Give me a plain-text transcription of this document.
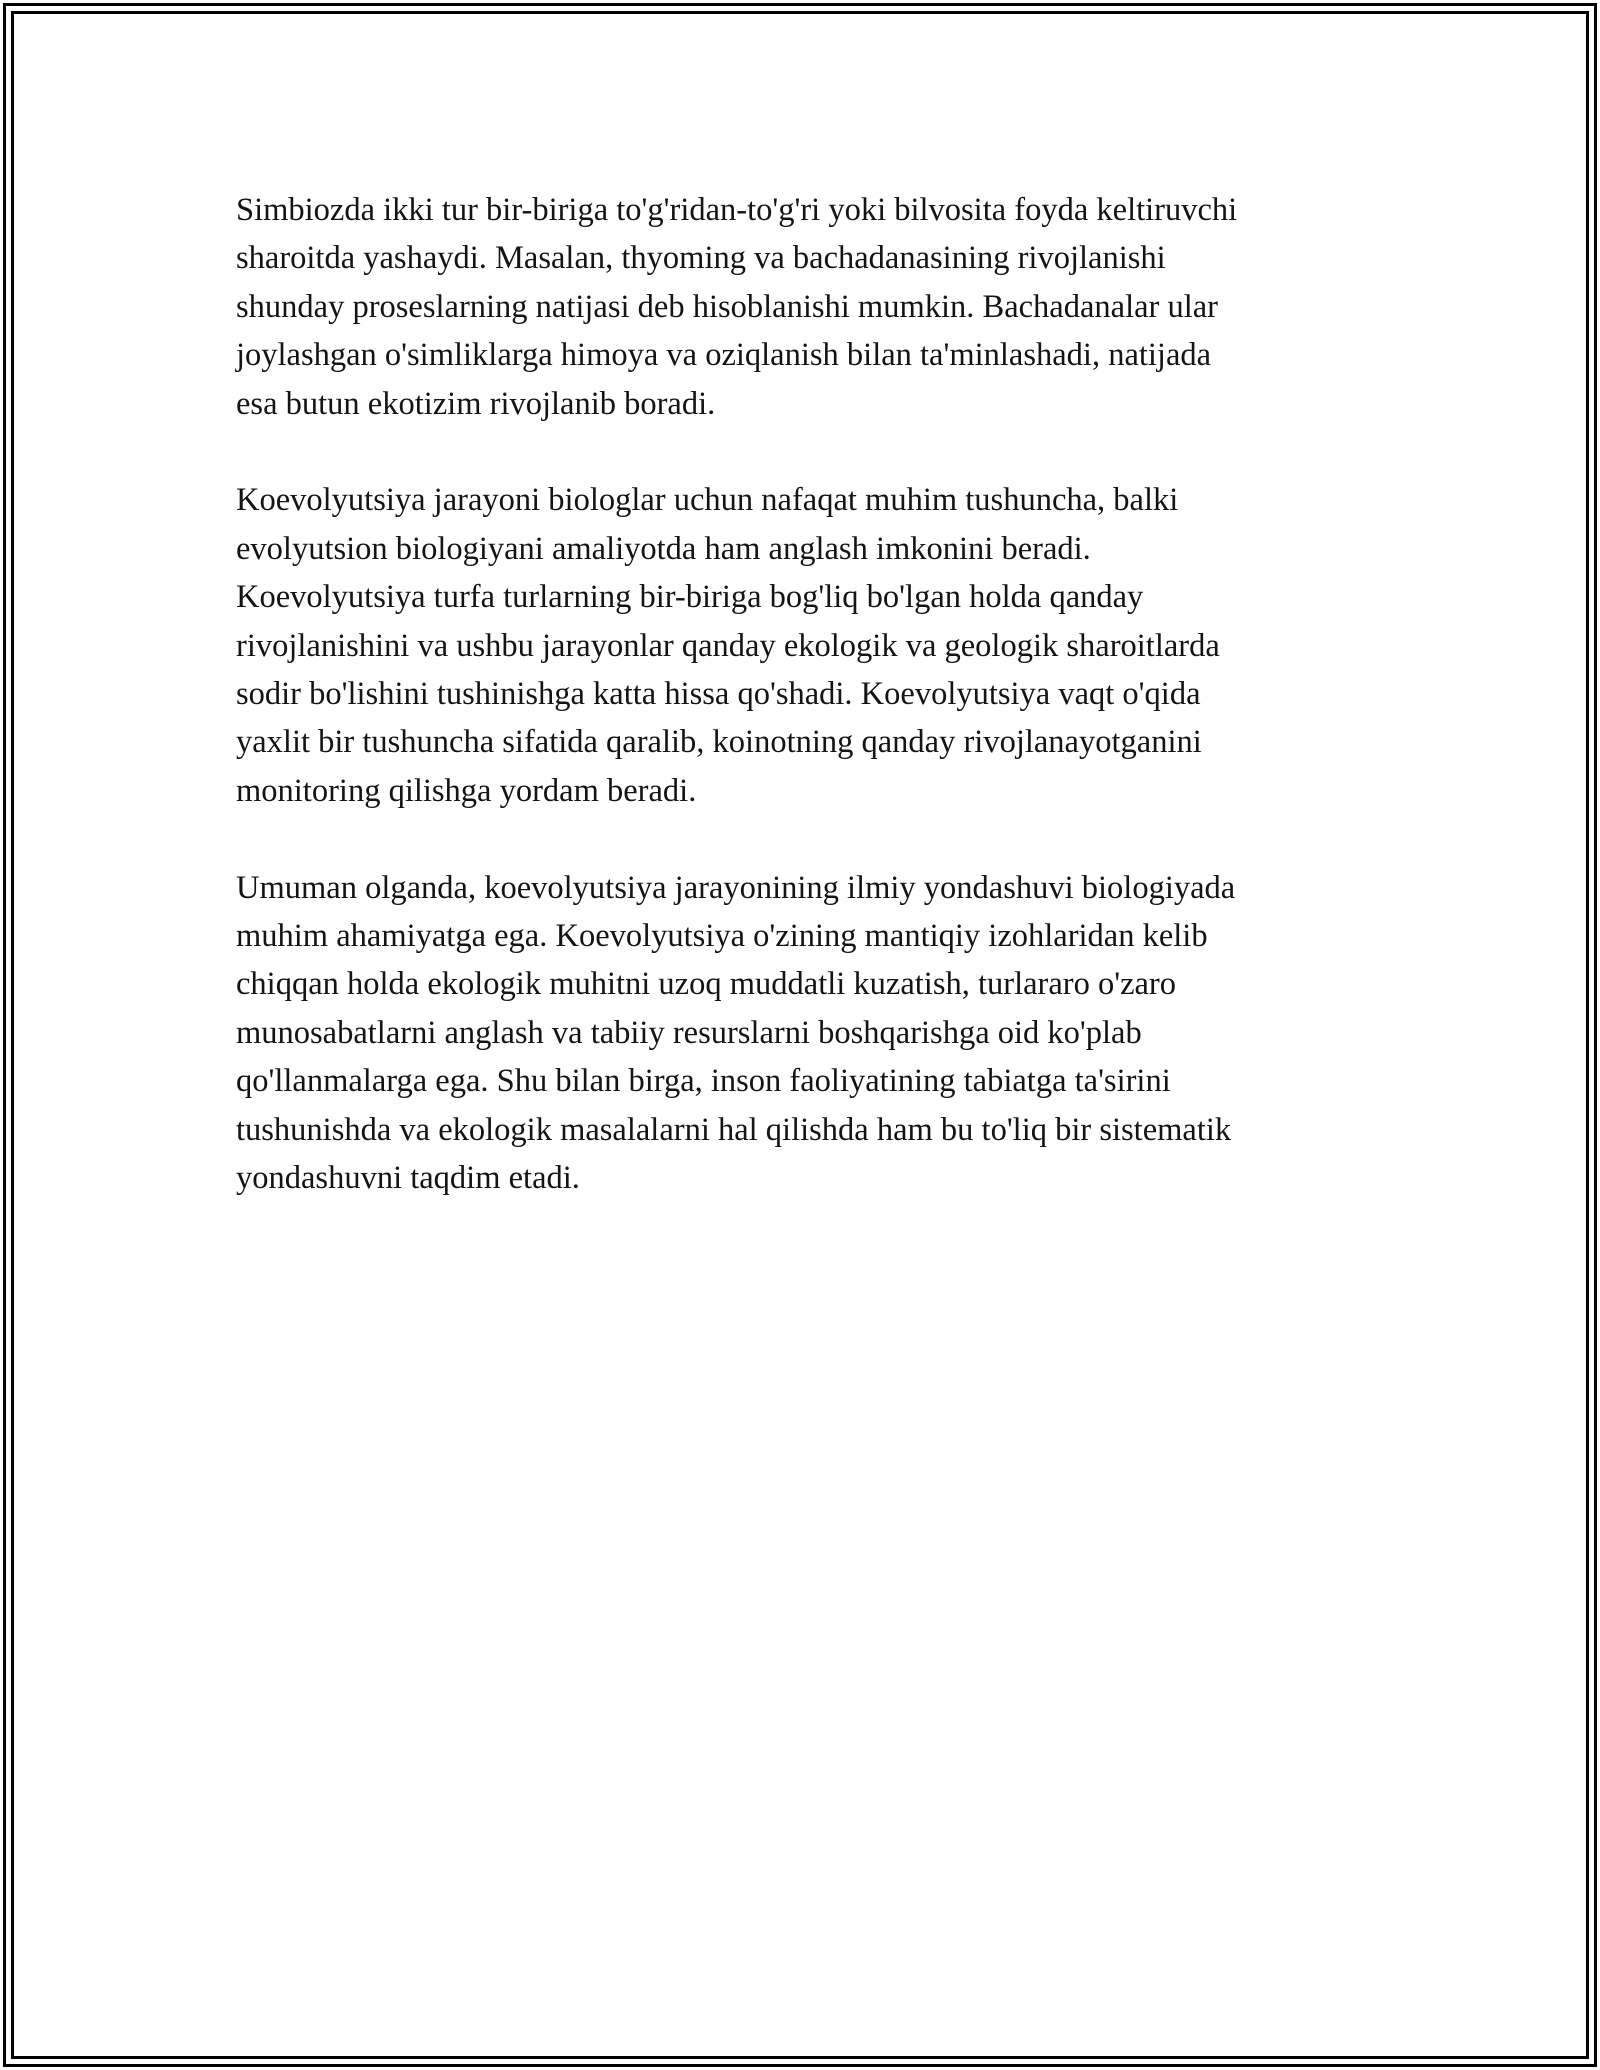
Simbiozda ikki tur bir-biriga to'g'ridan-to'g'ri yoki bilvosita foyda keltiruvchi
sharoitda yashaydi. Masalan, thyoming va bachadanasining rivojlanishi
shunday proseslarning natijasi deb hisoblanishi mumkin. Bachadanalar ular
joylashgan o'simliklarga himoya va oziqlanish bilan ta'minlashadi, natijada
esa butun ekotizim rivojlanib boradi.

Koevolyutsiya jarayoni biologlar uchun nafaqat muhim tushuncha, balki
evolyutsion biologiyani amaliyotda ham anglash imkonini beradi.
Koevolyutsiya turfa turlarning bir-biriga bog'liq bo'lgan holda qanday
rivojlanishini va ushbu jarayonlar qanday ekologik va geologik sharoitlarda
sodir bo'lishini tushinishga katta hissa qo'shadi. Koevolyutsiya vaqt o'qida
yaxlit bir tushuncha sifatida qaralib, koinotning qanday rivojlanayotganini
monitoring qilishga yordam beradi.

Umuman olganda, koevolyutsiya jarayonining ilmiy yondashuvi biologiyada
muhim ahamiyatga ega. Koevolyutsiya o'zining mantiqiy izohlaridan kelib
chiqqan holda ekologik muhitni uzoq muddatli kuzatish, turlararo o'zaro
munosabatlarni anglash va tabiiy resurslarni boshqarishga oid ko'plab
qo'llanmalarga ega. Shu bilan birga, inson faoliyatining tabiatga ta'sirini
tushunishda va ekologik masalalarni hal qilishda ham bu to'liq bir sistematik
yondashuvni taqdim etadi.
